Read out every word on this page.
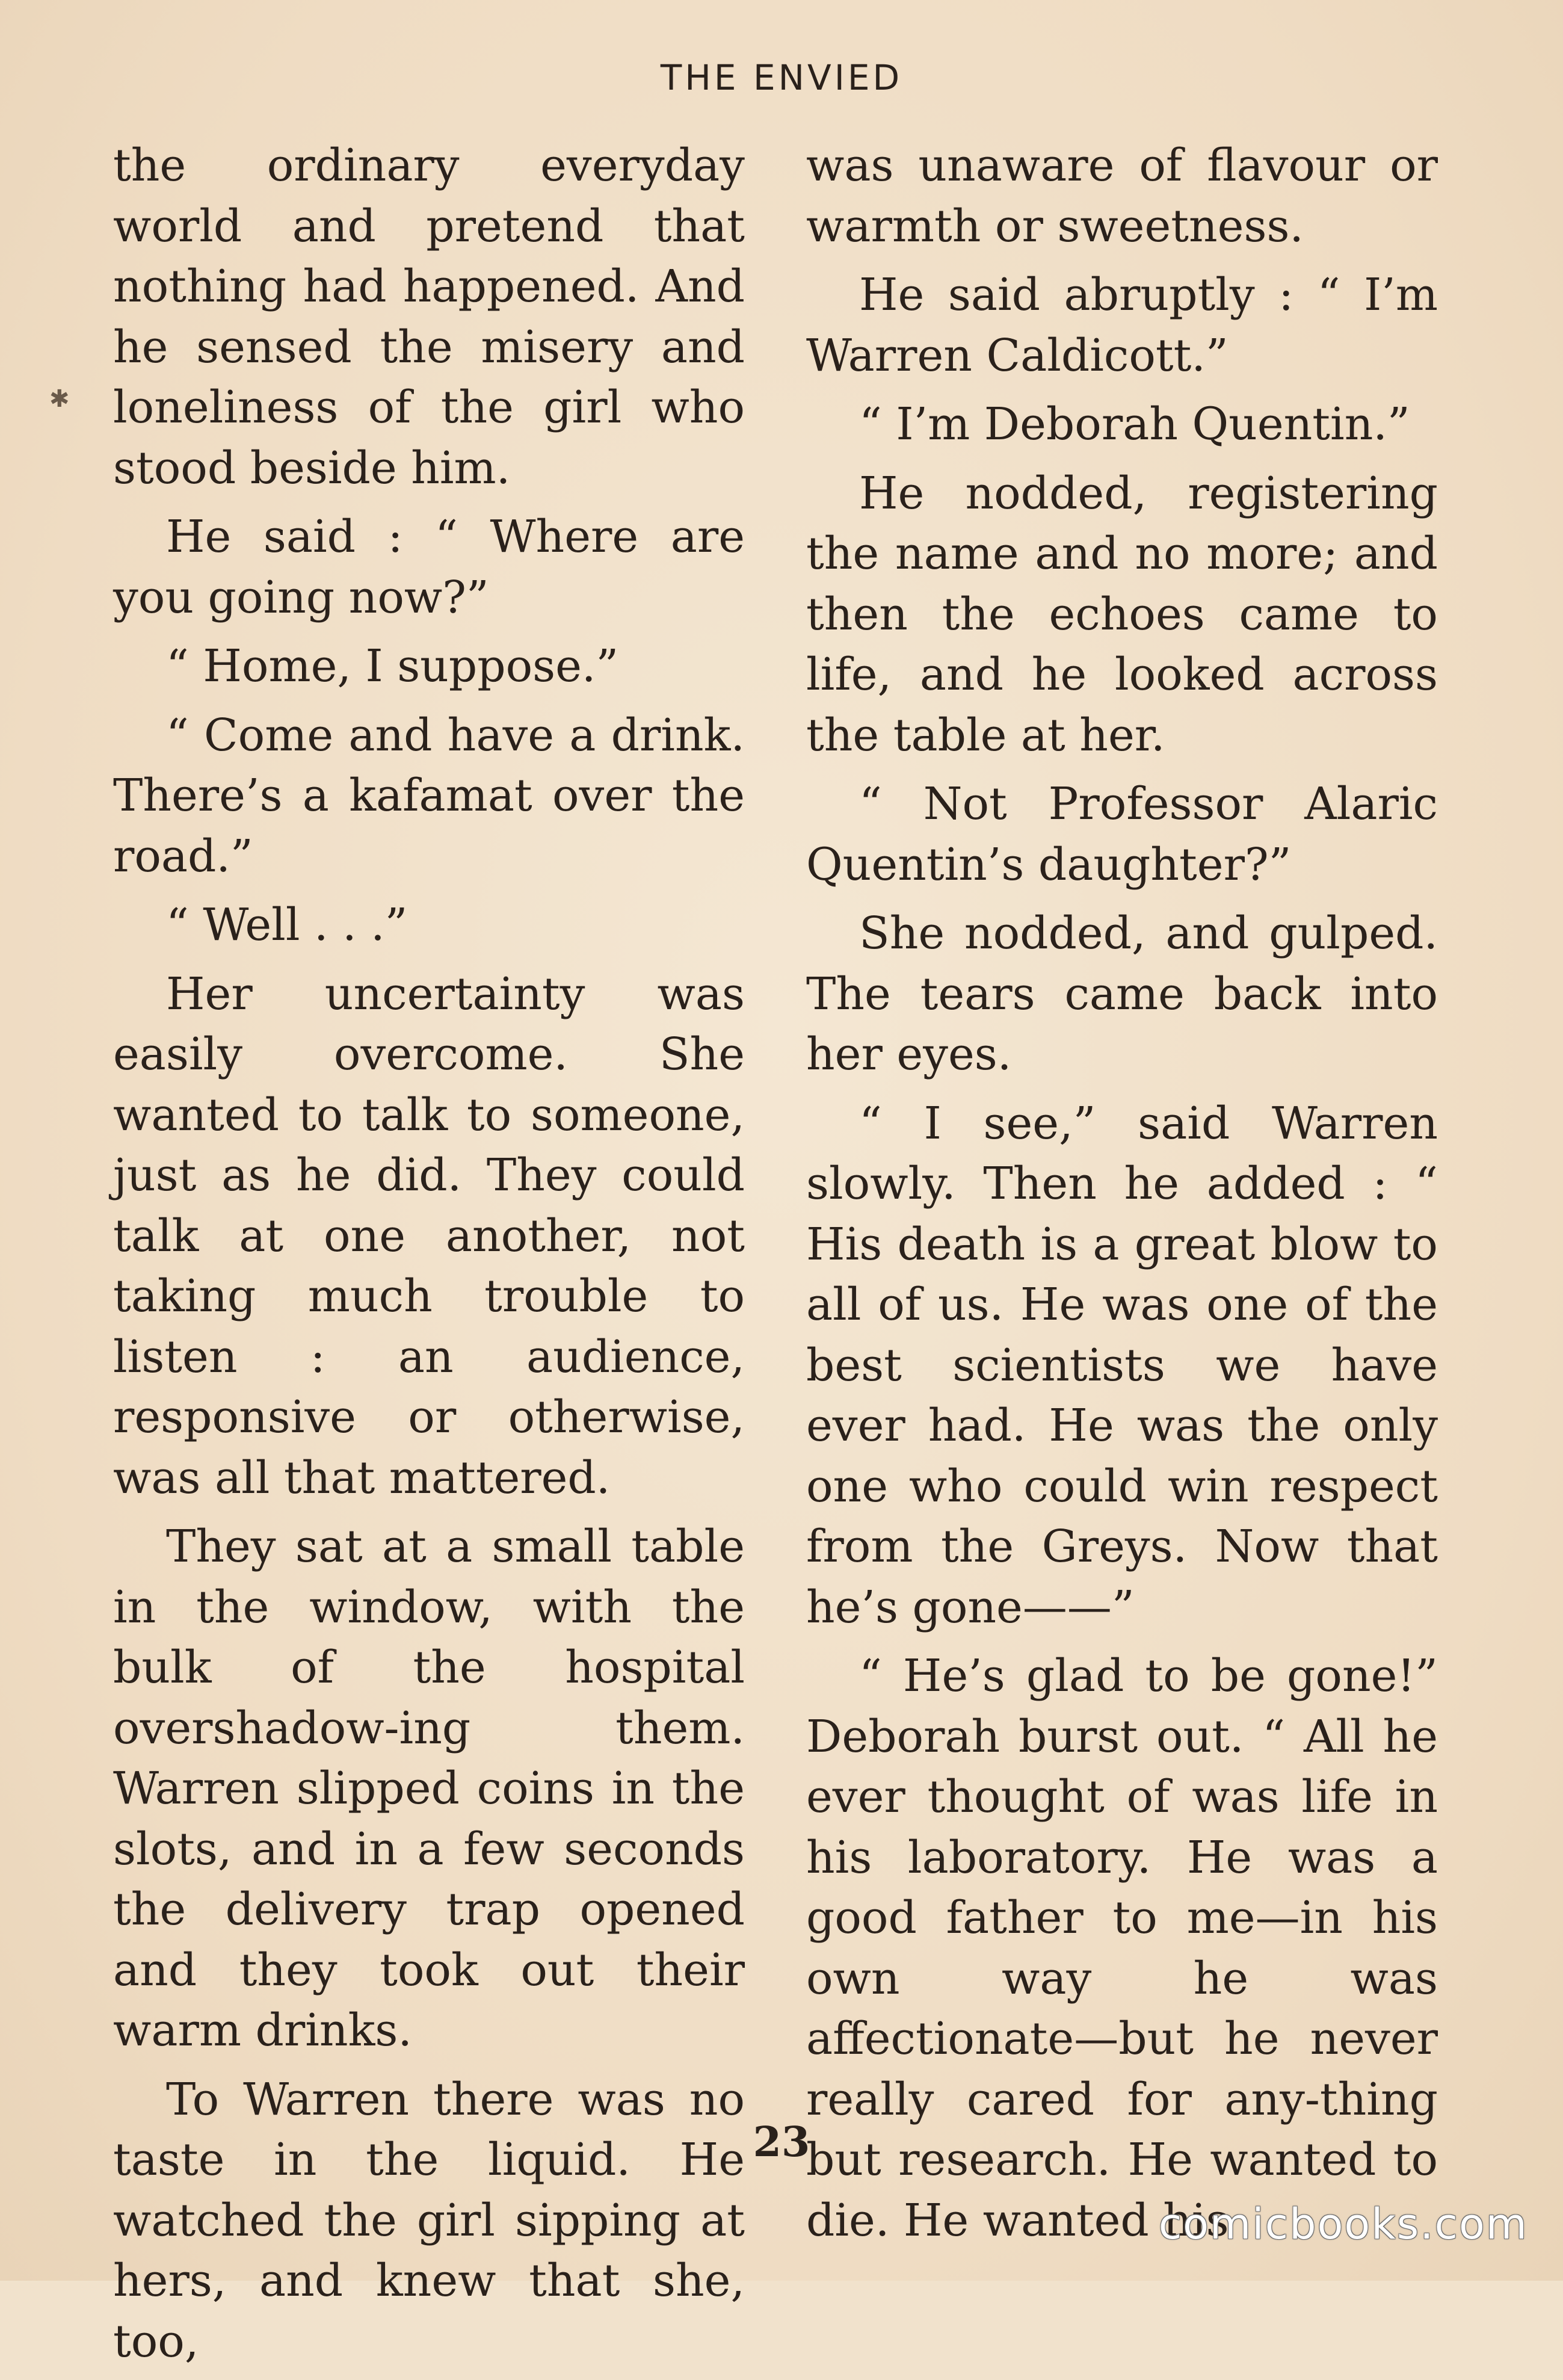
THE ENVIED
✱

the ordinary everyday world and pretend that nothing had happened. And he sensed the misery and loneliness of the girl who stood beside him.

He said : “ Where are you going now?”

“ Home, I suppose.”

“ Come and have a drink. There’s a kafamat over the road.”

“ Well . . .”

Her uncertainty was easily overcome. She wanted to talk to someone, just as he did. They could talk at one another, not taking much trouble to listen : an audience, responsive or otherwise, was all that mattered.

They sat at a small table in the window, with the bulk of the hospital overshadow-ing them. Warren slipped coins in the slots, and in a few seconds the delivery trap opened and they took out their warm drinks.

To Warren there was no taste in the liquid. He watched the girl sipping at hers, and knew that she, too,

was unaware of flavour or warmth or sweetness.

He said abruptly : “ I’m Warren Caldicott.”

“ I’m Deborah Quentin.”

He nodded, registering the name and no more; and then the echoes came to life, and he looked across the table at her.

“ Not Professor Alaric Quentin’s daughter?”

She nodded, and gulped. The tears came back into her eyes.

“ I see,” said Warren slowly. Then he added : “ His death is a great blow to all of us. He was one of the best scientists we have ever had. He was the only one who could win respect from the Greys. Now that he’s gone——”

“ He’s glad to be gone!” Deborah burst out. “ All he ever thought of was life in his laboratory. He was a good father to me—in his own way he was affectionate—but he never really cared for any-thing but research. He wanted to die. He wanted his

23
comicbooks.com
